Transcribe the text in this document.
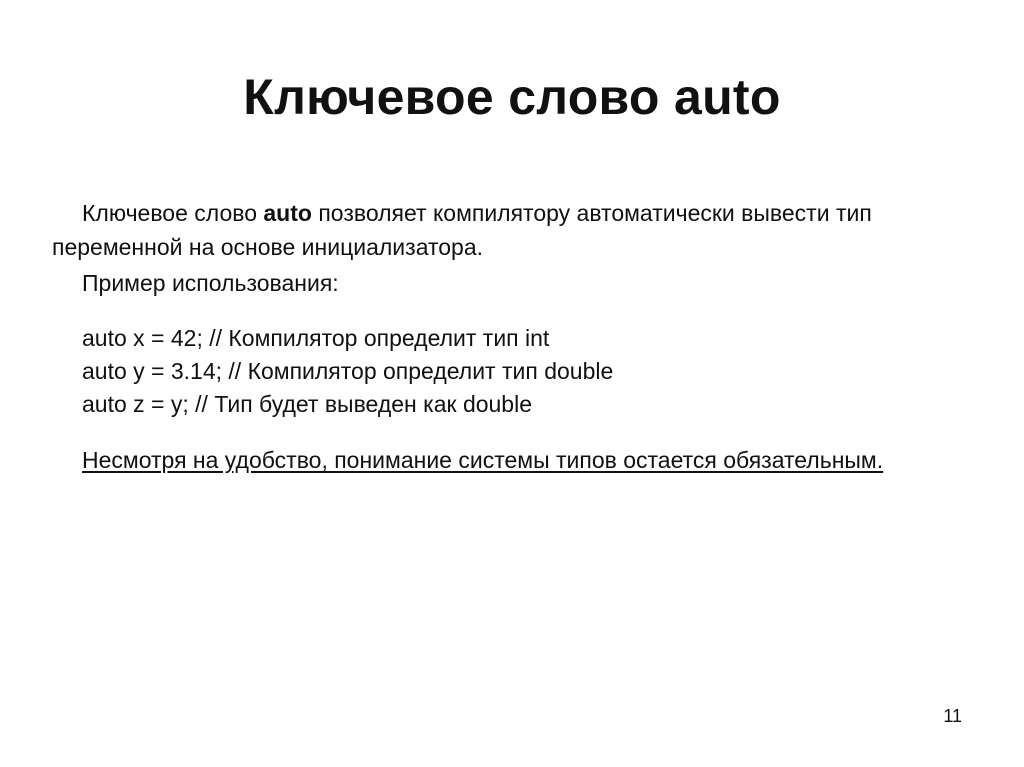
Ключевое слово auto

Ключевое слово auto позволяет компилятору автоматически вывести тип переменной на основе инициализатора.

Пример использования:

auto x = 42; // Компилятор определит тип int

auto y = 3.14; // Компилятор определит тип double

auto z = y; // Тип будет выведен как double

Несмотря на удобство, понимание системы типов остается обязательным.

11
